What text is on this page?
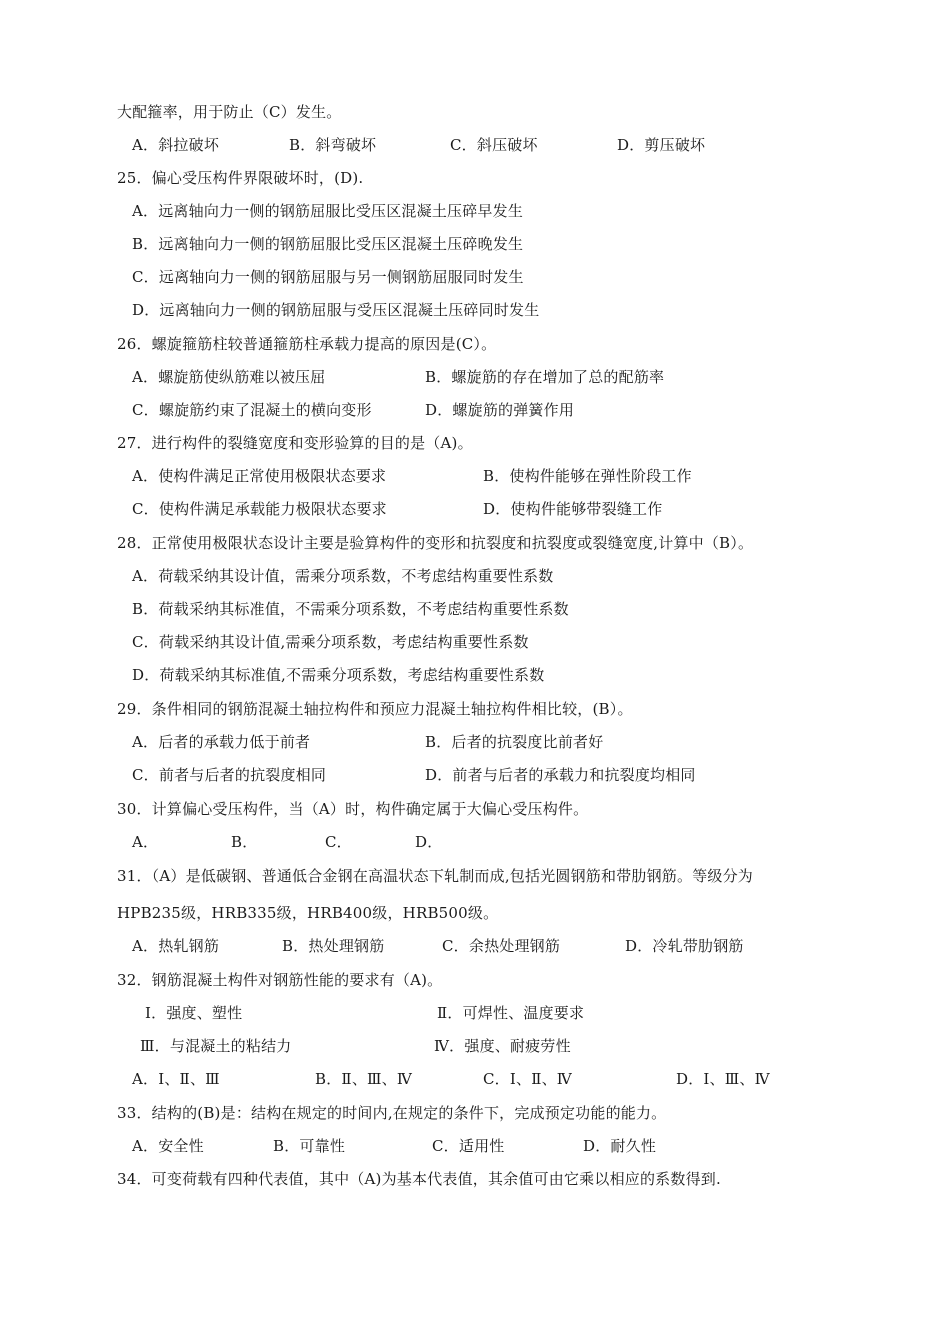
大配箍率，用于防止（C）发生。
A．斜拉破坏	B．斜弯破坏	C．斜压破坏	D．剪压破坏
25．偏心受压构件界限破坏时，(D).
A．远离轴向力一侧的钢筋屈服比受压区混凝土压碎早发生
B．远离轴向力一侧的钢筋屈服比受压区混凝土压碎晚发生
C．远离轴向力一侧的钢筋屈服与另一侧钢筋屈服同时发生
D．远离轴向力一侧的钢筋屈服与受压区混凝土压碎同时发生
26．螺旋箍筋柱较普通箍筋柱承载力提高的原因是(C）。
A．螺旋筋使纵筋难以被压屈	B．螺旋筋的存在增加了总的配筋率
C．螺旋筋约束了混凝土的横向变形	D．螺旋筋的弹簧作用
27．进行构件的裂缝宽度和变形验算的目的是（A)。
A．使构件满足正常使用极限状态要求	B．使构件能够在弹性阶段工作
C．使构件满足承载能力极限状态要求	D．使构件能够带裂缝工作
28．正常使用极限状态设计主要是验算构件的变形和抗裂度和抗裂度或裂缝宽度,计算中（B）。
A．荷载采纳其设计值，需乘分项系数，不考虑结构重要性系数
B．荷载采纳其标准值，不需乘分项系数，不考虑结构重要性系数
C．荷载采纳其设计值,需乘分项系数，考虑结构重要性系数
D．荷载采纳其标准值,不需乘分项系数，考虑结构重要性系数
29．条件相同的钢筋混凝土轴拉构件和预应力混凝土轴拉构件相比较，(B）。
A．后者的承载力低于前者	B．后者的抗裂度比前者好
C．前者与后者的抗裂度相同	D．前者与后者的承载力和抗裂度均相同
30．计算偏心受压构件，当（A）时，构件确定属于大偏心受压构件。
A．	B．	C．	D．
31．（A）是低碳钢、普通低合金钢在高温状态下轧制而成,包括光圆钢筋和带肋钢筋。等级分为
HPB235级，HRB335级，HRB400级，HRB500级。
A．热轧钢筋	B．热处理钢筋	C．余热处理钢筋	D．冷轧带肋钢筋
32．钢筋混凝土构件对钢筋性能的要求有（A)。
Ⅰ．强度、塑性	Ⅱ．可焊性、温度要求
Ⅲ．与混凝土的粘结力	Ⅳ．强度、耐疲劳性
A．Ⅰ、Ⅱ、Ⅲ	B．Ⅱ、Ⅲ、Ⅳ	C．Ⅰ、Ⅱ、Ⅳ	D．Ⅰ、Ⅲ、Ⅳ
33．结构的(B)是：结构在规定的时间内,在规定的条件下，完成预定功能的能力。
A．安全性	B．可靠性	C．适用性	D．耐久性
34．可变荷载有四种代表值，其中（A)为基本代表值，其余值可由它乘以相应的系数得到.
